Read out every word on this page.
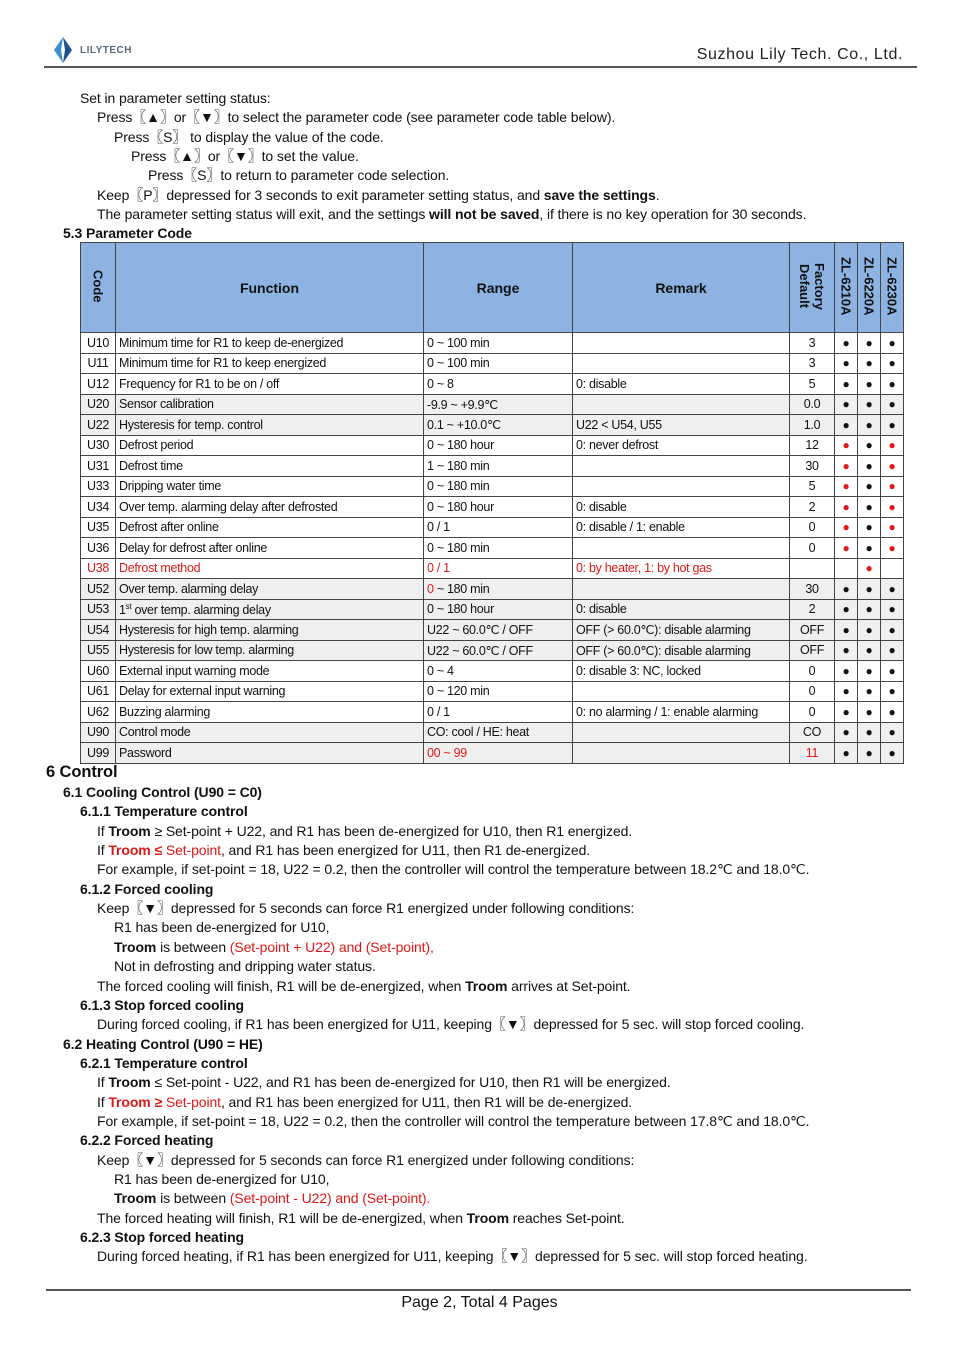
LILYTECH	Suzhou Lily Tech. Co., Ltd.
Set in parameter setting status:
Press〖▲〗or〖▼〗to select the parameter code (see parameter code table below).
Press〖S〗 to display the value of the code.
Press〖▲〗or〖▼〗to set the value.
Press〖S〗to return to parameter code selection.
Keep〖P〗depressed for 3 seconds to exit parameter setting status, and save the settings.
The parameter setting status will exit, and the settings will not be saved, if there is no key operation for 30 seconds.
5.3 Parameter Code
Code	Function	Range	Remark	Factory Default	ZL-6210A	ZL-6220A	ZL-6230A
U10	Minimum time for R1 to keep de-energized	0 ~ 100 min		3	●	●	●
U11	Minimum time for R1 to keep energized	0 ~ 100 min		3	●	●	●
U12	Frequency for R1 to be on / off	0 ~ 8	0: disable	5	●	●	●
U20	Sensor calibration	-9.9 ~ +9.9℃		0.0	●	●	●
U22	Hysteresis for temp. control	0.1 ~ +10.0℃	U22 < U54, U55	1.0	●	●	●
U30	Defrost period	0 ~ 180 hour	0: never defrost	12	●	●	●
U31	Defrost time	1 ~ 180 min		30	●	●	●
U33	Dripping water time	0 ~ 180 min		5	●	●	●
U34	Over temp. alarming delay after defrosted	0 ~ 180 hour	0: disable	2	●	●	●
U35	Defrost after online	0 / 1	0: disable / 1: enable	0	●	●	●
U36	Delay for defrost after online	0 ~ 180 min		0	●	●	●
U38	Defrost method	0 / 1	0: by heater, 1: by hot gas			●	
U52	Over temp. alarming delay	0 ~ 180 min		30	●	●	●
U53	1st over temp. alarming delay	0 ~ 180 hour	0: disable	2	●	●	●
U54	Hysteresis for high temp. alarming	U22 ~ 60.0℃ / OFF	OFF (> 60.0℃): disable alarming	OFF	●	●	●
U55	Hysteresis for low temp. alarming	U22 ~ 60.0℃ / OFF	OFF (> 60.0℃): disable alarming	OFF	●	●	●
U60	External input warning mode	0 ~ 4	0: disable 3: NC, locked	0	●	●	●
U61	Delay for external input warning	0 ~ 120 min		0	●	●	●
U62	Buzzing alarming	0 / 1	0: no alarming / 1: enable alarming	0	●	●	●
U90	Control mode	CO: cool / HE: heat		CO	●	●	●
U99	Password	00 ~ 99		11	●	●	●
6 Control
6.1 Cooling Control (U90 = C0)
6.1.1 Temperature control
If Troom ≥ Set-point + U22, and R1 has been de-energized for U10, then R1 energized.
If Troom ≤ Set-point, and R1 has been energized for U11, then R1 de-energized.
For example, if set-point = 18, U22 = 0.2, then the controller will control the temperature between 18.2℃ and 18.0℃.
6.1.2 Forced cooling
Keep〖▼〗depressed for 5 seconds can force R1 energized under following conditions:
R1 has been de-energized for U10,
Troom is between (Set-point + U22) and (Set-point),
Not in defrosting and dripping water status.
The forced cooling will finish, R1 will be de-energized, when Troom arrives at Set-point.
6.1.3 Stop forced cooling
During forced cooling, if R1 has been energized for U11, keeping〖▼〗depressed for 5 sec. will stop forced cooling.
6.2 Heating Control (U90 = HE)
6.2.1 Temperature control
If Troom ≤ Set-point - U22, and R1 has been de-energized for U10, then R1 will be energized.
If Troom ≥ Set-point, and R1 has been energized for U11, then R1 will be de-energized.
For example, if set-point = 18, U22 = 0.2, then the controller will control the temperature between 17.8℃ and 18.0℃.
6.2.2 Forced heating
Keep〖▼〗depressed for 5 seconds can force R1 energized under following conditions:
R1 has been de-energized for U10,
Troom is between (Set-point - U22) and (Set-point).
The forced heating will finish, R1 will be de-energized, when Troom reaches Set-point.
6.2.3 Stop forced heating
During forced heating, if R1 has been energized for U11, keeping〖▼〗depressed for 5 sec. will stop forced heating.
Page 2, Total 4 Pages
